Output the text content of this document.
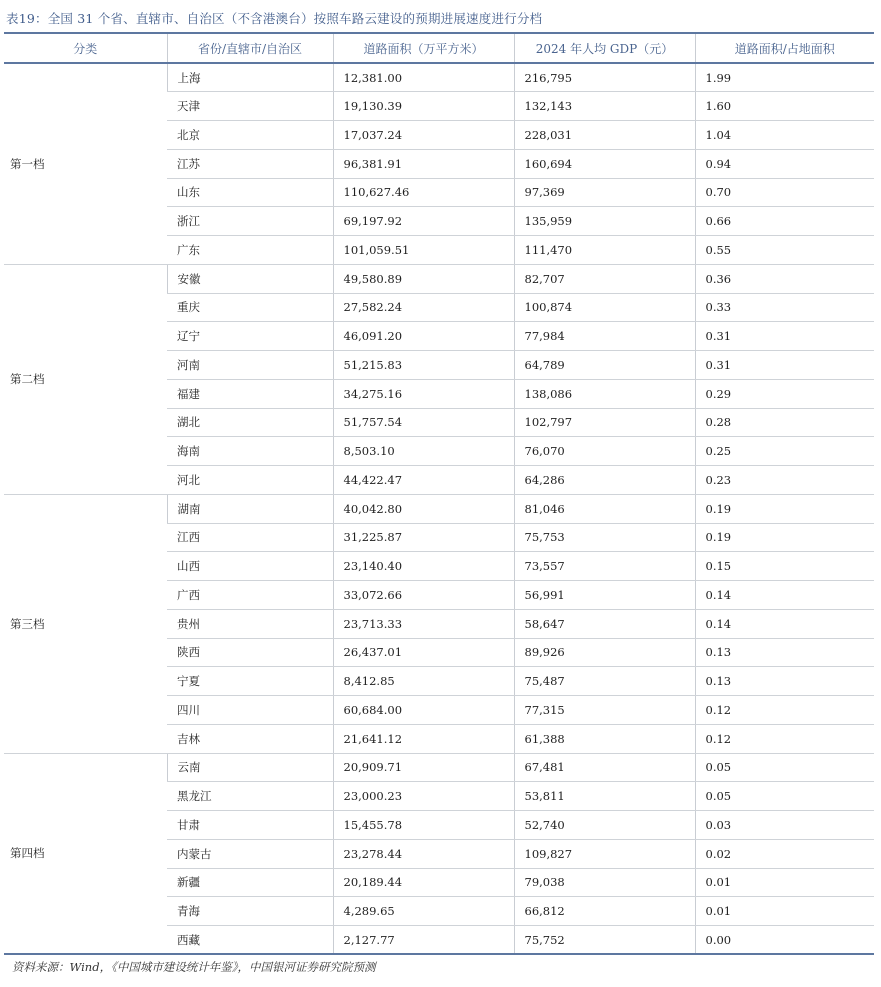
表19：全国 31 个省、直辖市、自治区（不含港澳台）按照车路云建设的预期进展速度进行分档
分类	省份/直辖市/自治区	道路面积（万平方米）	2024 年人均 GDP（元）	道路面积/占地面积
第一档	上海	12,381.00	216,795	1.99
	天津	19,130.39	132,143	1.60
	北京	17,037.24	228,031	1.04
	江苏	96,381.91	160,694	0.94
	山东	110,627.46	97,369	0.70
	浙江	69,197.92	135,959	0.66
	广东	101,059.51	111,470	0.55
第二档	安徽	49,580.89	82,707	0.36
	重庆	27,582.24	100,874	0.33
	辽宁	46,091.20	77,984	0.31
	河南	51,215.83	64,789	0.31
	福建	34,275.16	138,086	0.29
	湖北	51,757.54	102,797	0.28
	海南	8,503.10	76,070	0.25
	河北	44,422.47	64,286	0.23
第三档	湖南	40,042.80	81,046	0.19
	江西	31,225.87	75,753	0.19
	山西	23,140.40	73,557	0.15
	广西	33,072.66	56,991	0.14
	贵州	23,713.33	58,647	0.14
	陕西	26,437.01	89,926	0.13
	宁夏	8,412.85	75,487	0.13
	四川	60,684.00	77,315	0.12
	吉林	21,641.12	61,388	0.12
第四档	云南	20,909.71	67,481	0.05
	黑龙江	23,000.23	53,811	0.05
	甘肃	15,455.78	52,740	0.03
	内蒙古	23,278.44	109,827	0.02
	新疆	20,189.44	79,038	0.01
	青海	4,289.65	66,812	0.01
	西藏	2,127.77	75,752	0.00
资料来源：Wind，《中国城市建设统计年鉴》，中国银河证券研究院预测
